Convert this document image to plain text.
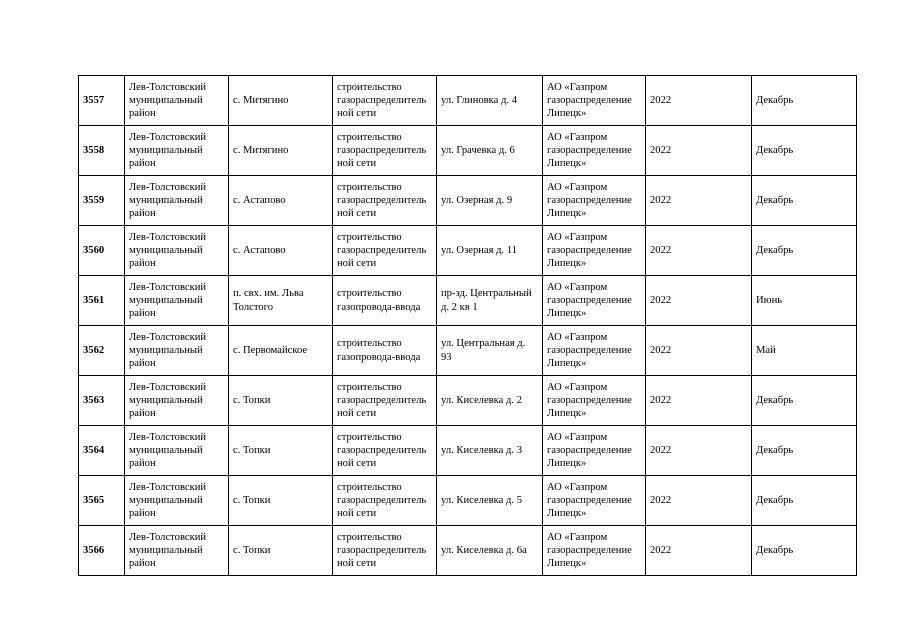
3557	Лев-Толстовский муниципальный район	с. Митягино	строительство газораспределитель ной сети	ул. Глиновка д. 4	АО «Газпром газораспределение Липецк»	2022	Декабрь
3558	Лев-Толстовский муниципальный район	с. Митягино	строительство газораспределитель ной сети	ул. Грачевка д. 6	АО «Газпром газораспределение Липецк»	2022	Декабрь
3559	Лев-Толстовский муниципальный район	с. Астапово	строительство газораспределитель ной сети	ул. Озерная д. 9	АО «Газпром газораспределение Липецк»	2022	Декабрь
3560	Лев-Толстовский муниципальный район	с. Астапово	строительство газораспределитель ной сети	ул. Озерная д. 11	АО «Газпром газораспределение Липецк»	2022	Декабрь
3561	Лев-Толстовский муниципальный район	п. свх. им. Льва Толстого	строительство газопровода-ввода	пр-зд. Центральный д. 2 кв 1	АО «Газпром газораспределение Липецк»	2022	Июнь
3562	Лев-Толстовский муниципальный район	с. Первомайское	строительство газопровода-ввода	ул. Центральная д. 93	АО «Газпром газораспределение Липецк»	2022	Май
3563	Лев-Толстовский муниципальный район	с. Топки	строительство газораспределитель ной сети	ул. Киселевка д. 2	АО «Газпром газораспределение Липецк»	2022	Декабрь
3564	Лев-Толстовский муниципальный район	с. Топки	строительство газораспределитель ной сети	ул. Киселевка д. 3	АО «Газпром газораспределение Липецк»	2022	Декабрь
3565	Лев-Толстовский муниципальный район	с. Топки	строительство газораспределитель ной сети	ул. Киселевка д. 5	АО «Газпром газораспределение Липецк»	2022	Декабрь
3566	Лев-Толстовский муниципальный район	с. Топки	строительство газораспределитель ной сети	ул. Киселевка д. 6а	АО «Газпром газораспределение Липецк»	2022	Декабрь
